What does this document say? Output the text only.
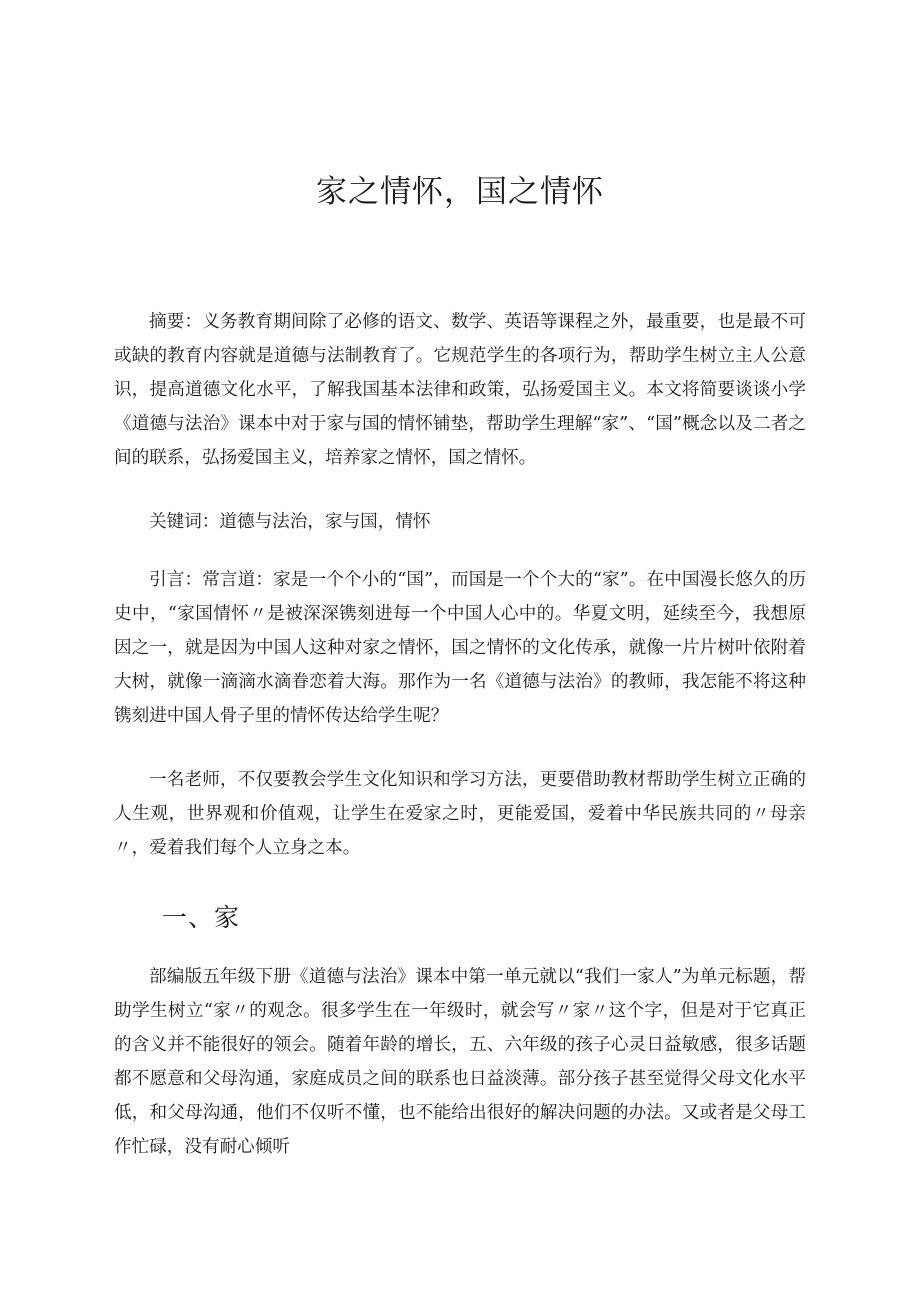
家之情怀，国之情怀

摘要：义务教育期间除了必修的语文、数学、英语等课程之外，最重要，也是最不可或缺的教育内容就是道德与法制教育了。它规范学生的各项行为，帮助学生树立主人公意识，提高道德文化水平，了解我国基本法律和政策，弘扬爱国主义。本文将简要谈谈小学《道德与法治》课本中对于家与国的情怀铺垫，帮助学生理解“家”、“国”概念以及二者之间的联系，弘扬爱国主义，培养家之情怀，国之情怀。

关键词：道德与法治，家与国，情怀

引言：常言道：家是一个个小的“国”，而国是一个个大的“家”。在中国漫长悠久的历史中，“家国情怀〃是被深深镌刻进每一个中国人心中的。华夏文明，延续至今，我想原因之一，就是因为中国人这种对家之情怀，国之情怀的文化传承，就像一片片树叶依附着大树，就像一滴滴水滴眷恋着大海。那作为一名《道德与法治》的教师，我怎能不将这种镌刻进中国人骨子里的情怀传达给学生呢？

一名老师，不仅要教会学生文化知识和学习方法，更要借助教材帮助学生树立正确的人生观，世界观和价值观，让学生在爱家之时，更能爱国，爱着中华民族共同的〃母亲〃，爱着我们每个人立身之本。

一、家

部编版五年级下册《道德与法治》课本中第一单元就以“我们一家人”为单元标题，帮助学生树立“家〃的观念。很多学生在一年级时，就会写〃家〃这个字，但是对于它真正的含义并不能很好的领会。随着年龄的增长，五、六年级的孩子心灵日益敏感，很多话题都不愿意和父母沟通，家庭成员之间的联系也日益淡薄。部分孩子甚至觉得父母文化水平低，和父母沟通，他们不仅听不懂，也不能给出很好的解决问题的办法。又或者是父母工作忙碌，没有耐心倾听
